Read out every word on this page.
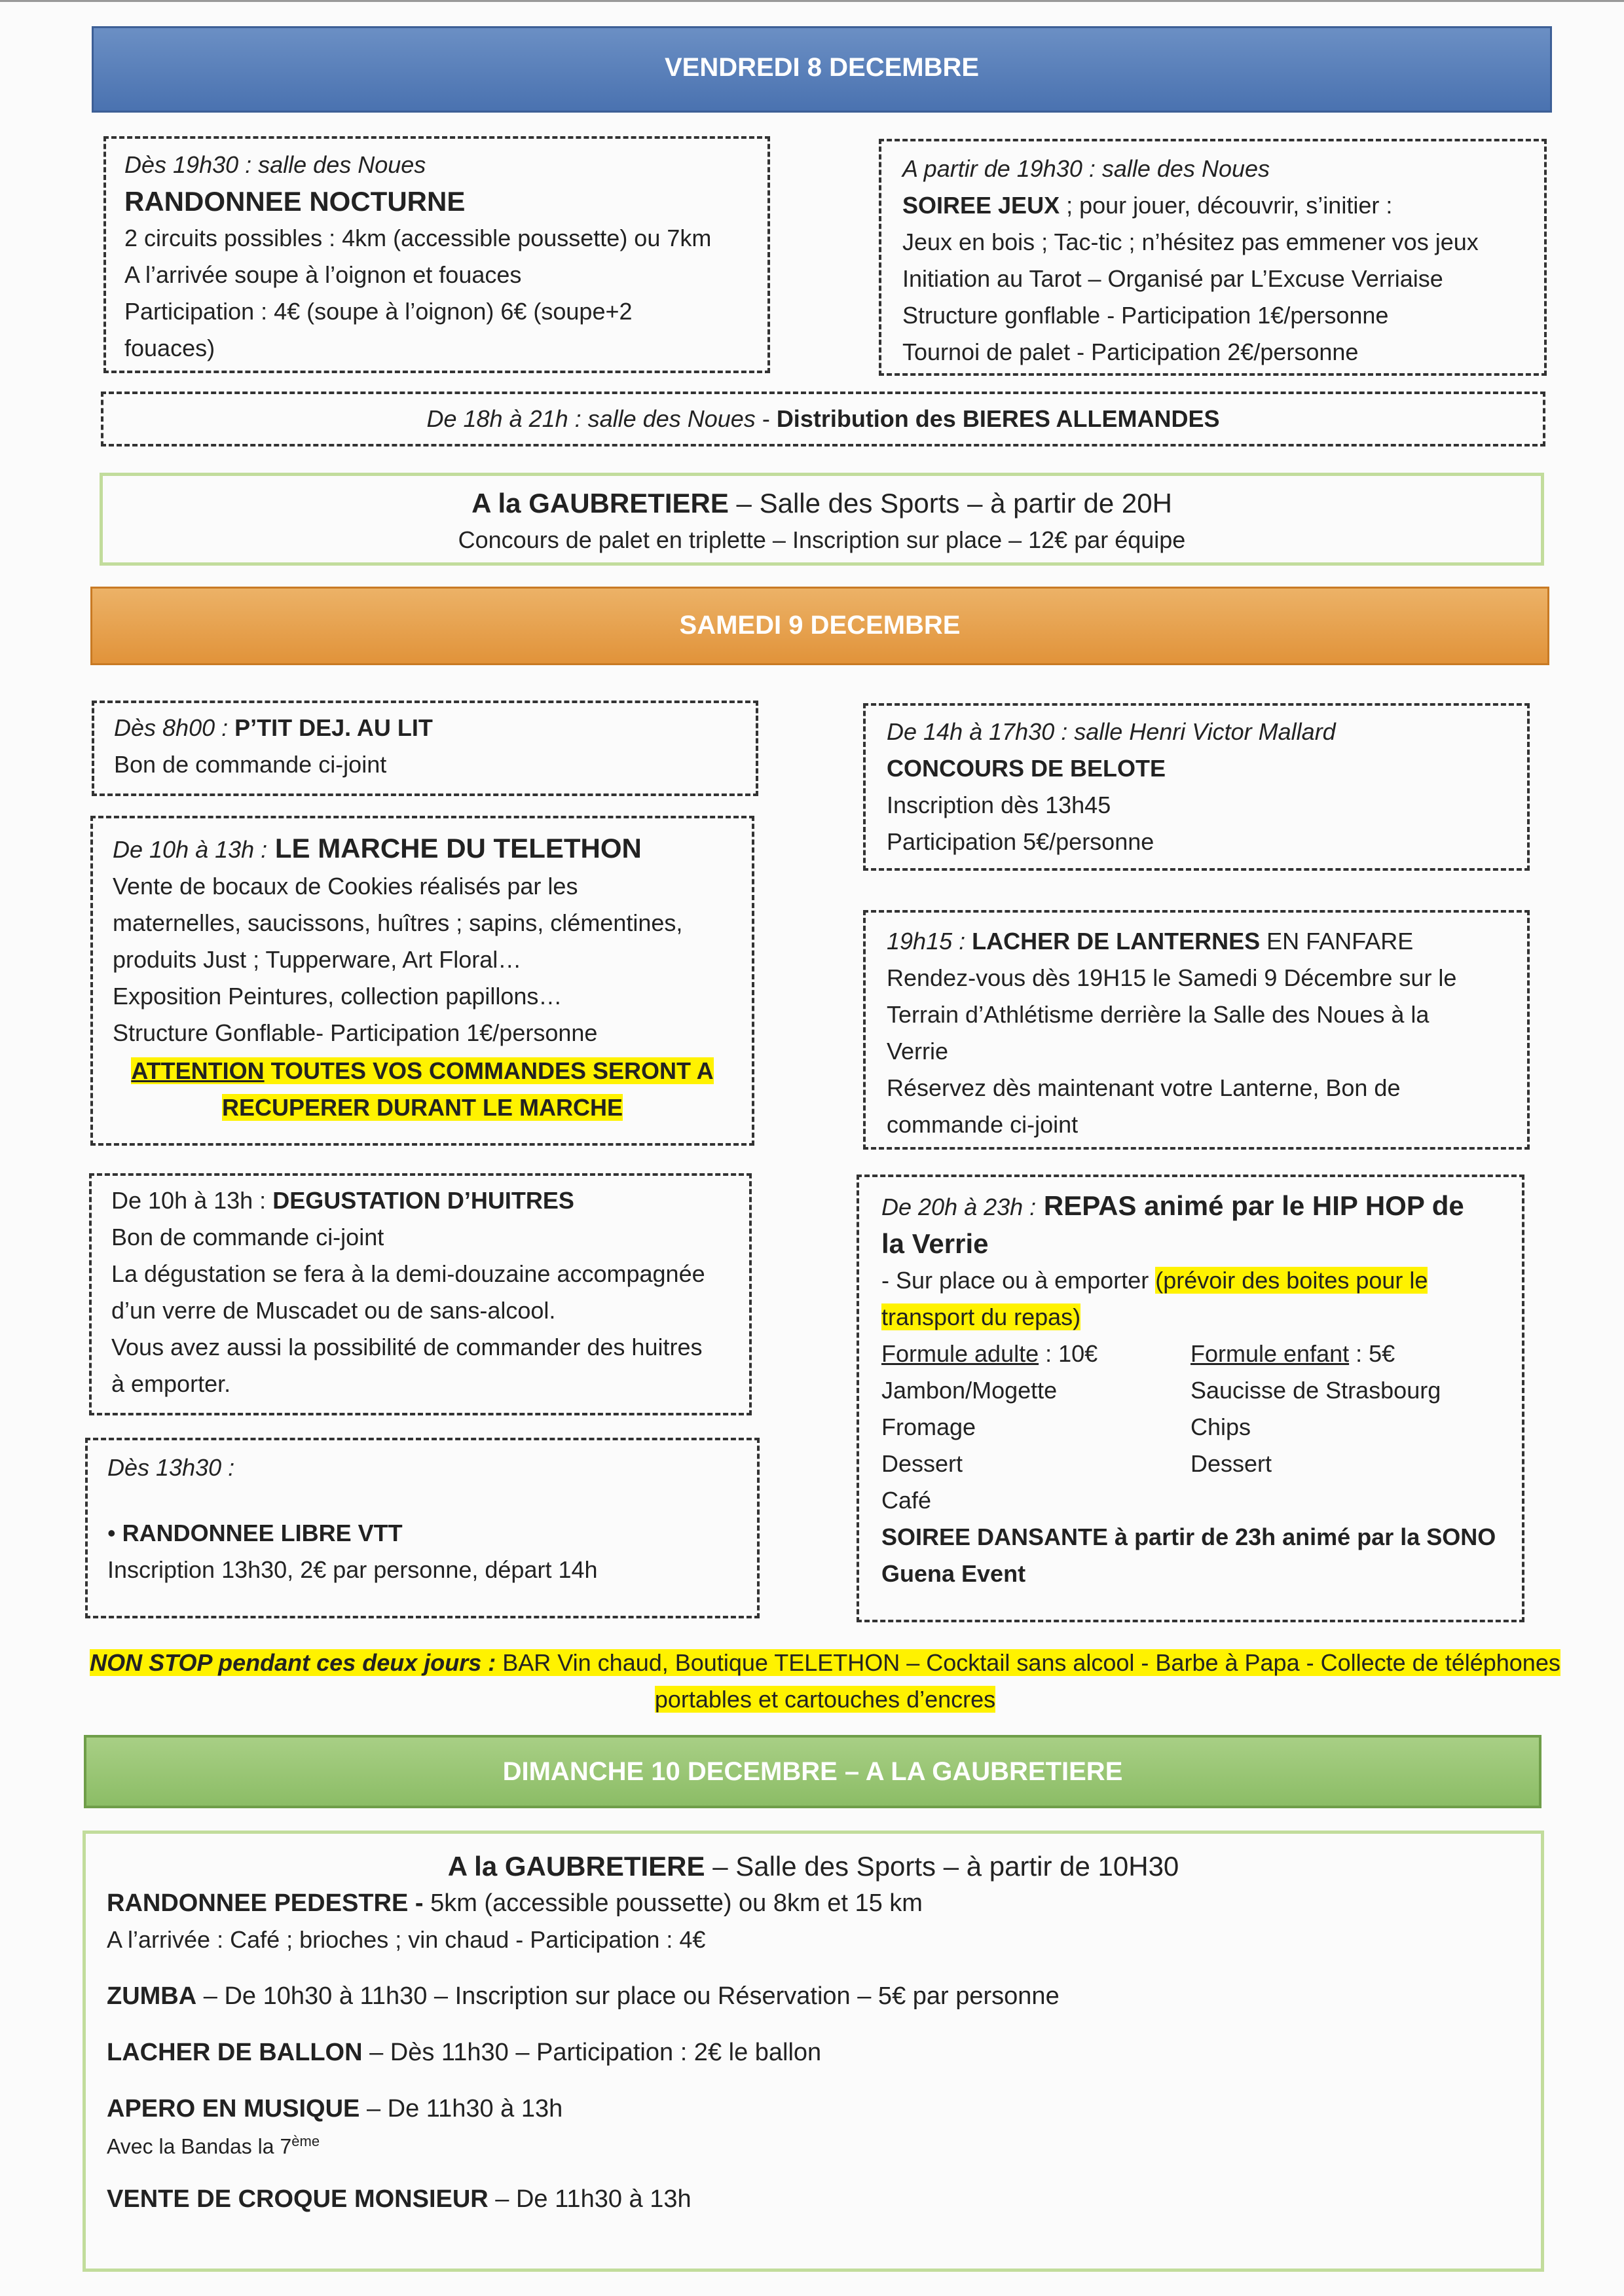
VENDREDI 8 DECEMBRE

Dès 19h30 : salle des Noues

RANDONNEE NOCTURNE

2 circuits possibles : 4km (accessible poussette) ou 7km

A l’arrivée soupe à l’oignon et fouaces

Participation : 4€ (soupe à l’oignon) 6€ (soupe+2

fouaces)

A partir de 19h30 : salle des Noues

SOIREE JEUX ; pour jouer, découvrir, s’initier :

Jeux en bois ; Tac-tic ; n’hésitez pas emmener vos jeux

Initiation au Tarot – Organisé par L’Excuse Verriaise

Structure gonflable - Participation 1€/personne

Tournoi de palet - Participation 2€/personne

De 18h à 21h : salle des Noues - Distribution des BIERES ALLEMANDES

A la GAUBRETIERE – Salle des Sports – à partir de 20H

Concours de palet en triplette – Inscription sur place – 12€ par équipe

SAMEDI 9 DECEMBRE

Dès 8h00 : P’TIT DEJ. AU LIT

Bon de commande ci-joint

De 10h à 13h : LE MARCHE DU TELETHON

Vente de bocaux de Cookies réalisés par les

maternelles, saucissons, huîtres ; sapins, clémentines,

produits Just ; Tupperware, Art Floral…

Exposition Peintures, collection papillons…

Structure Gonflable- Participation 1€/personne

ATTENTION TOUTES VOS COMMANDES SERONT A

RECUPERER DURANT LE MARCHE

De 10h à 13h : DEGUSTATION D’HUITRES

Bon de commande ci-joint

La dégustation se fera à la demi-douzaine accompagnée

d’un verre de Muscadet ou de sans-alcool.

Vous avez aussi la possibilité de commander des huitres

à emporter.

Dès 13h30 :

• RANDONNEE LIBRE VTT

Inscription 13h30, 2€ par personne, départ 14h

De 14h à 17h30 : salle Henri Victor Mallard

CONCOURS DE BELOTE

Inscription dès 13h45

Participation 5€/personne

19h15 : LACHER DE LANTERNES EN FANFARE

Rendez-vous dès 19H15 le Samedi 9 Décembre sur le

Terrain d’Athlétisme derrière la Salle des Noues à la

Verrie

Réservez dès maintenant votre Lanterne, Bon de

commande ci-joint

De 20h à 23h : REPAS animé par le HIP HOP de

la Verrie

- Sur place ou à emporter (prévoir des boites pour le

transport du repas)

Formule adulte : 10€

Jambon/Mogette

Fromage

Dessert

Café

Formule enfant : 5€

Saucisse de Strasbourg

Chips

Dessert

SOIREE DANSANTE à partir de 23h animé par la SONO

Guena Event

NON STOP pendant ces deux jours : BAR Vin chaud, Boutique TELETHON – Cocktail sans alcool - Barbe à Papa - Collecte de téléphones

portables et cartouches d’encres

DIMANCHE 10 DECEMBRE – A LA GAUBRETIERE

A la GAUBRETIERE – Salle des Sports – à partir de 10H30

RANDONNEE PEDESTRE - 5km (accessible poussette) ou 8km et 15 km

A l’arrivée : Café ; brioches ; vin chaud - Participation : 4€

ZUMBA – De 10h30 à 11h30 – Inscription sur place ou Réservation – 5€ par personne

LACHER DE BALLON – Dès 11h30 – Participation : 2€ le ballon

APERO EN MUSIQUE – De 11h30 à 13h

Avec la Bandas la 7ème

VENTE DE CROQUE MONSIEUR – De 11h30 à 13h
